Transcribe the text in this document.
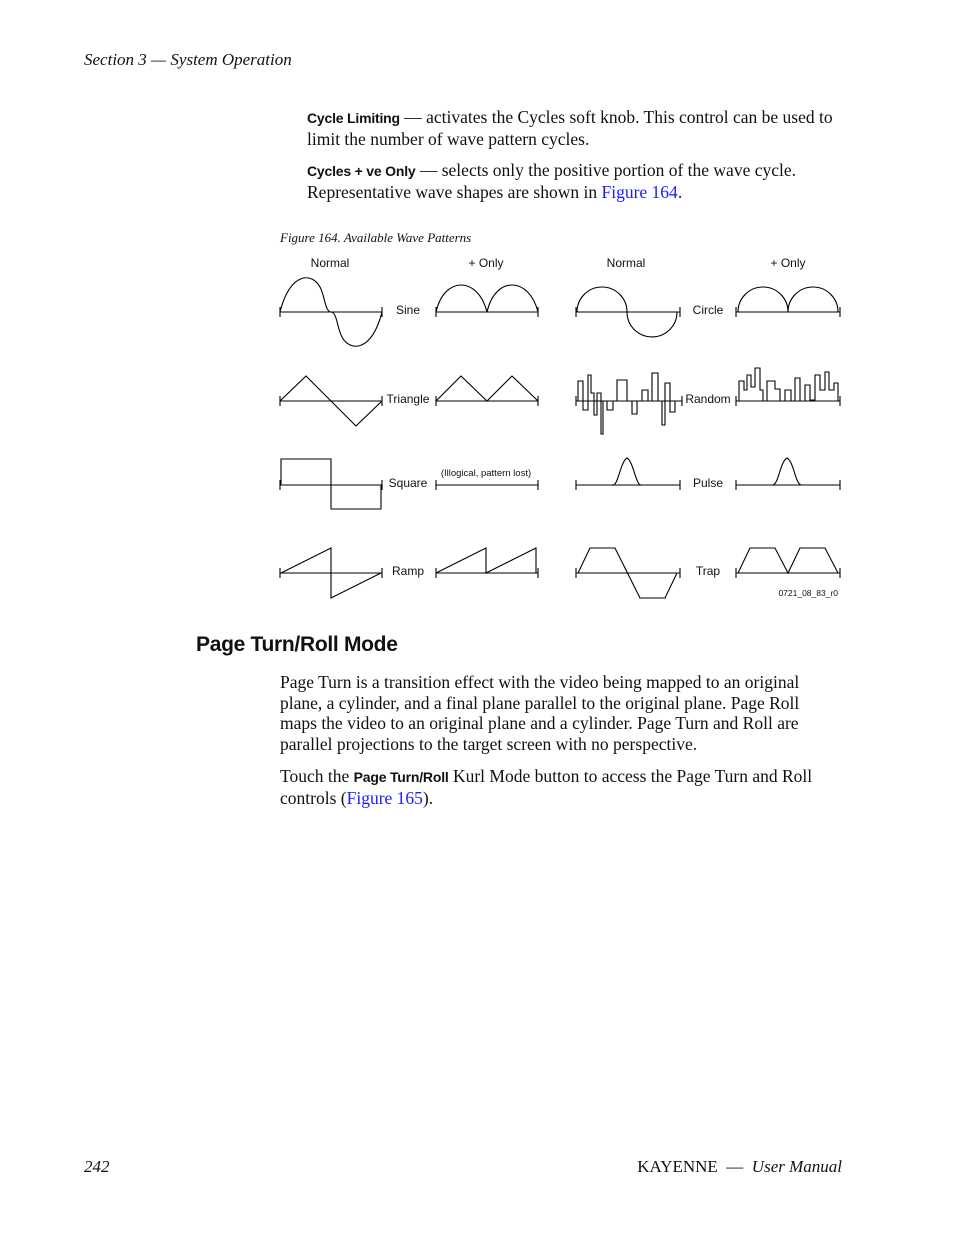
Section 3 — System Operation
Cycle Limiting — activates the Cycles soft knob. This control can be used to limit the number of wave pattern cycles.
Cycles + ve Only — selects only the positive portion of the wave cycle. Representative wave shapes are shown in Figure 164.
Figure 164. Available Wave Patterns
Normal	+ Only	Normal	+ Only
Sine
Triangle
Square
Ramp
Circle
Random
Pulse
Trap
(Illogical, pattern lost)
0721_08_83_r0
Page Turn/Roll Mode
Page Turn is a transition effect with the video being mapped to an original plane, a cylinder, and a final plane parallel to the original plane. Page Roll maps the video to an original plane and a cylinder. Page Turn and Roll are parallel projections to the target screen with no perspective.
Touch the Page Turn/Roll Kurl Mode button to access the Page Turn and Roll controls (Figure 165).
242	KAYENNE  —  User Manual
